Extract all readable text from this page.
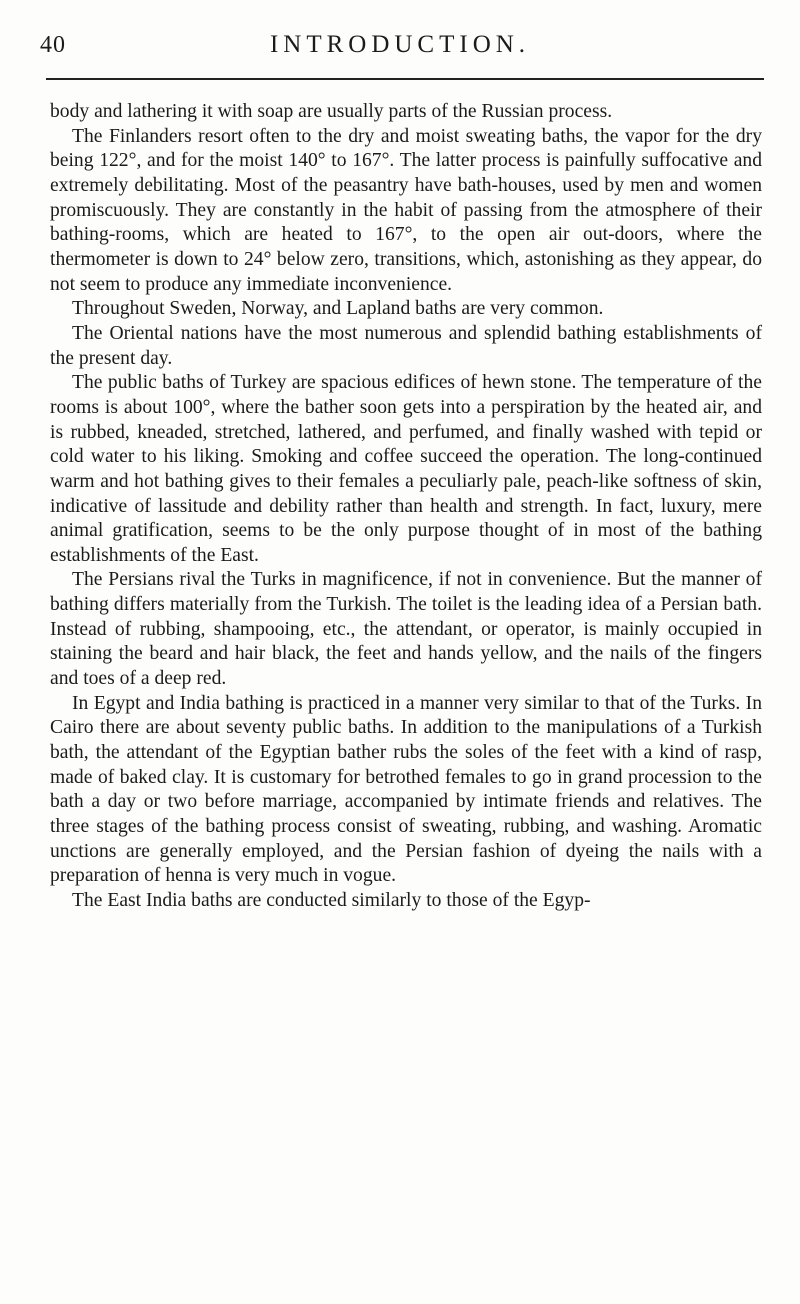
40	INTRODUCTION.

body and lathering it with soap are usually parts of the Russian process.

The Finlanders resort often to the dry and moist sweating baths, the vapor for the dry being 122°, and for the moist 140° to 167°. The latter process is painfully suffocative and extremely debilitating. Most of the peasantry have bath-houses, used by men and women promiscuously. They are constantly in the habit of passing from the atmosphere of their bathing-rooms, which are heated to 167°, to the open air out-doors, where the thermometer is down to 24° below zero, transitions, which, astonishing as they appear, do not seem to produce any immediate inconvenience.

Throughout Sweden, Norway, and Lapland baths are very common.

The Oriental nations have the most numerous and splendid bathing establishments of the present day.

The public baths of Turkey are spacious edifices of hewn stone. The temperature of the rooms is about 100°, where the bather soon gets into a perspiration by the heated air, and is rubbed, kneaded, stretched, lathered, and perfumed, and finally washed with tepid or cold water to his liking. Smoking and coffee succeed the operation. The long-continued warm and hot bathing gives to their females a peculiarly pale, peach-like softness of skin, indicative of lassitude and debility rather than health and strength. In fact, luxury, mere animal gratification, seems to be the only purpose thought of in most of the bathing establishments of the East.

The Persians rival the Turks in magnificence, if not in convenience. But the manner of bathing differs materially from the Turkish. The toilet is the leading idea of a Persian bath. Instead of rubbing, shampooing, etc., the attendant, or operator, is mainly occupied in staining the beard and hair black, the feet and hands yellow, and the nails of the fingers and toes of a deep red.

In Egypt and India bathing is practiced in a manner very similar to that of the Turks. In Cairo there are about seventy public baths. In addition to the manipulations of a Turkish bath, the attendant of the Egyptian bather rubs the soles of the feet with a kind of rasp, made of baked clay. It is customary for betrothed females to go in grand procession to the bath a day or two before marriage, accompanied by intimate friends and relatives. The three stages of the bathing process consist of sweating, rubbing, and washing. Aromatic unctions are generally employed, and the Persian fashion of dyeing the nails with a preparation of henna is very much in vogue.

The East India baths are conducted similarly to those of the Egyp-
